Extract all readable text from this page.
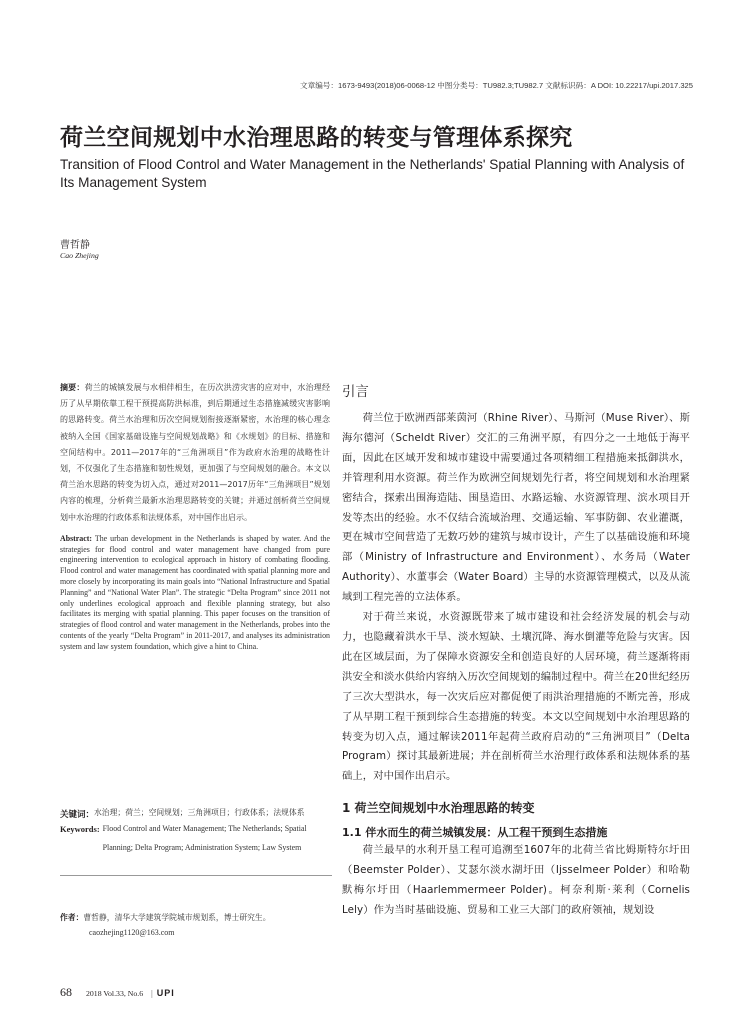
文章编号：1673-9493(2018)06-0068-12 中图分类号：TU982.3;TU982.7 文献标识码：A DOI: 10.22217/upi.2017.325
荷兰空间规划中水治理思路的转变与管理体系探究
Transition of Flood Control and Water Management in the Netherlands' Spatial Planning with Analysis of Its Management System
曹哲静
Cao Zhejing

摘要：荷兰的城镇发展与水相伴相生，在历次洪涝灾害的应对中，水治理经历了从早期依靠工程干预提高防洪标准，到后期通过生态措施减缓灾害影响的思路转变。荷兰水治理和历次空间规划衔接逐渐紧密，水治理的核心理念被纳入全国《国家基础设施与空间规划战略》和《水规划》的目标、措施和空间结构中。2011—2017年的“三角洲项目”作为政府水治理的战略性计划，不仅强化了生态措施和韧性规划，更加强了与空间规划的融合。本文以荷兰治水思路的转变为切入点，通过对2011—2017历年“三角洲项目”规划内容的梳理，分析荷兰最新水治理思路转变的关键；并通过剖析荷兰空间规划中水治理的行政体系和法规体系，对中国作出启示。

Abstract: The urban development in the Netherlands is shaped by water. And the strategies for flood control and water management have changed from pure engineering intervention to ecological approach in history of combating flooding. Flood control and water management has coordinated with spatial planning more and more closely by incorporating its main goals into “National Infrastructure and Spatial Planning” and “National Water Plan”. The strategic “Delta Program” since 2011 not only underlines ecological approach and flexible planning strategy, but also facilitates its merging with spatial planning. This paper focuses on the transition of strategies of flood control and water management in the Netherlands, probes into the contents of the yearly “Delta Program” in 2011-2017, and analyses its administration system and law system foundation, which give a hint to China.

关键词： 水治理；荷兰；空间规划；三角洲项目；行政体系；法规体系
Keywords: Flood Control and Water Management; The Netherlands; Spatial Planning; Delta Program; Administration System; Law System
作者：曹哲静，清华大学建筑学院城市规划系，博士研究生。
caozhejing1120@163.com
引言

荷兰位于欧洲西部莱茵河（Rhine River）、马斯河（Muse River）、斯海尔德河（Scheldt River）交汇的三角洲平原，有四分之一土地低于海平面，因此在区域开发和城市建设中需要通过各项精细工程措施来抵御洪水，并管理利用水资源。荷兰作为欧洲空间规划先行者，将空间规划和水治理紧密结合，探索出围海造陆、围垦造田、水路运输、水资源管理、滨水项目开发等杰出的经验。水不仅结合流域治理、交通运输、军事防御、农业灌溉，更在城市空间营造了无数巧妙的建筑与城市设计，产生了以基础设施和环境部（Ministry of Infrastructure and Environment）、水务局（Water Authority）、水董事会（Water Board）主导的水资源管理模式，以及从流域到工程完善的立法体系。

对于荷兰来说，水资源既带来了城市建设和社会经济发展的机会与动力，也隐藏着洪水干旱、淡水短缺、土壤沉降、海水倒灌等危险与灾害。因此在区域层面，为了保障水资源安全和创造良好的人居环境，荷兰逐渐将雨洪安全和淡水供给内容纳入历次空间规划的编制过程中。荷兰在20世纪经历了三次大型洪水，每一次灾后应对都促便了雨洪治理措施的不断完善，形成了从早期工程干预到综合生态措施的转变。本文以空间规划中水治理思路的转变为切入点，通过解读2011年起荷兰政府启动的“三角洲项目”（Delta Program）探讨其最新进展；并在剖析荷兰水治理行政体系和法规体系的基础上，对中国作出启示。

1 荷兰空间规划中水治理思路的转变
1.1 伴水而生的荷兰城镇发展：从工程干预到生态措施

荷兰最早的水利开垦工程可追溯至1607年的北荷兰省比姆斯特尔圩田（Beemster Polder）、艾瑟尔淡水湖圩田（Ijsselmeer Polder）和哈勒默梅尔圩田（Haarlemmermeer Polder)。柯奈利斯·莱利（Cornelis Lely）作为当时基础设施、贸易和工业三大部门的政府领袖，规划设

68 2018 Vol.33, No.6 | UPI
